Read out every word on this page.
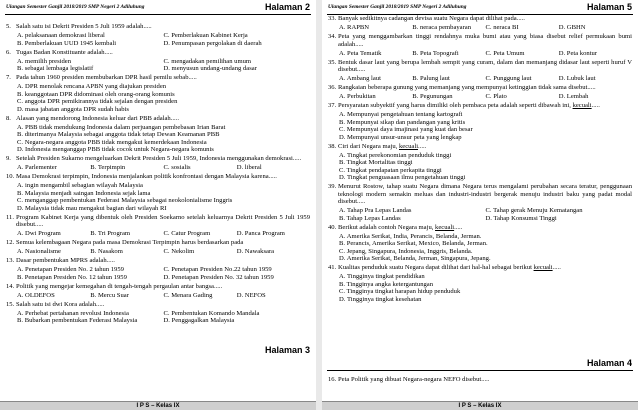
Ulangan Semester Ganjil 2018/2019 SMP Negeri 2 Adiluhung	Halaman 2
5. Salah satu isi Dekrit Presiden 5 Juli 1959 adalah.....
A. pelaksanaan demokrasi liberal	C. Pemberlakuan Kabinet Kerja
B. Pemberlakuan UUD 1945 kembali	D. Penumpasan pergolakan di daerah
6. Tugas Badan Konstituante adalah.....
A. memilih presiden	C. mengadakan pemilihan umum
B. sebagai lembaga legislatif	D. menyusun undang-undang dasar
7. Pada tahun 1960 presiden membubarkan DPR hasil pemilu sebab.....
A. DPR menolak rencana APBN yang diajukan presiden
B. keanggotaan DPR didominasi oleh orang-orang komunis
C. anggota DPR pemikirannya tidak sejalan dengan presiden
D. masa jabatan anggota DPR sudah habis
8. Alasan yang mendorong Indonesia keluar dari PBB adalah.....
A. PBB tidak mendukung Indonesia dalam perjuangan pembebasan Irian Barat
B. diterimanya Malaysia sebagai anggota tidak tetap Dewan Keamanan PBB
C. Negara-negara anggota PBB tidak mengakui kemerdekaan Indonesia
D. Indonesia menganggap PBB tidak cocok untuk Negara-negara komunis
9. Setelah Presiden Sukarno mengeluarkan Dekrit Presiden 5 Juli 1959, Indonesia menggunakan demokrasi.....
A. Parlementer	B. Terpimpin	C. sosialis	D. liberal
10. Masa Demokrasi terpimpin, Indonesia menjalankan politik konfrontasi dengan Malaysia karena.....
A. ingin mengambil sebagian wilayah Malaysia
B. Malaysia menjadi saingan Indonesia sejak lama
C. menganggap pembentukan Federasi Malaysia sebagai neokolonialisme Inggris
D. Malaysia tidak mau mengakui bagian dari wilayah RI
11. Program Kabinet Kerja yang dibentuk oleh Presiden Soekarno setelah keluarnya Dekrit Presiden 5 Juli 1959 disebut.....
A. Dwi Program	B. Tri Program	C. Catur Program	D. Panca Program
12. Semua kelembagaan Negara pada masa Demokrasi Terpimpin harus berdasarkan pada
A. Nasionalisme	B. Nasakom	C. Nekolim	D. Nawaksara
13. Dasar pembentukan MPRS adalah.....
A. Penetapan Presiden No. 2 tahun 1959	C. Penetapan Presiden No.22 tahun 1959
B. Penetapan Presiden No. 12 tahun 1959	D. Penetapan Presiden No. 32 tahun 1959
14. Politik yang mengejar kemegahan di tengah-tengah pergaulan antar bangsa.....
A. OLDEFOS	B. Mercu Suar	C. Menara Gading	D. NEFOS
15. Salah satu isi dwi Kora adalah.....
A. Perhebat pertahanan revolusi Indonesia	C. Pembentukan Komando Mandala
B. Bubarkan pembentukan Federasi Malaysia	D. Penggagalkan Malaysia
Halaman 3
I P S – Kelas IX
Ulangan Semester Ganjil 2018/2019 SMP Negeri 2 Adiluhung	Halaman 5
33. Banyak sedikitnya cadangan devisa suatu Negara dapat dilihat pada.....
A. RAPBN	B. neraca pembayaran	C. neraca BI	D. GBHN
34. Peta yang menggambarkan tinggi rendahnya muka bumi atau yang biasa disebut relief permukaan bumi adalah.....
A. Peta Tematik	B. Peta Topografi	C. Peta Umum	D. Peta kontur
35. Bentuk dasar laut yang berupa lembah sempit yang curam, dalam dan memanjang didasar laut seperti huruf V disebut.....
A. Ambang laut	B. Palung laut	C. Punggung laut	D. Lubuk laut
36. Rangkaian beberapa gunung yang memanjang yang mempunyai ketinggian tidak sama disebut.....
A. Perbukitan	B. Pegunungan	C. Plato	D. Lembah
37. Persyaratan subyektif yang harus dimiliki oleh pembaca peta adalah seperti dibawah ini, kecuali.....
A. Mempunyai pengetahuan tentang kartografi
B. Mempunyai sikap dan pandangan yang kritis
C. Mempunyai daya imajinasi yang kuat dan besar
D. Mempunyai unsur-unsur peta yang lengkap
38. Ciri dari Negara maju, kecuali.....
A. Tingkat perekonomian penduduk tinggi
B. Tingkat Mortalitas tinggi
C. Tingkat pendapatan perkapita tinggi
D. Tingkat penguasaan ilmu pengetahuan tinggi
39. Menurut Rostow, tahap suatu Negara dimana Negara terus mengalami perubahan secara teratur, penggunaan teknologi modern semakin meluas dan industri-industri bergerak menuju industri baku yang padat modal disebut.....
A. Tahap Pra Lepas Landas	C. Tahap gerak Menuju Kematangan
B. Tahap Lepas Landas	D. Tahap Konsumsi Tinggi
40. Berikut adalah contoh Negara maju, kecuali.....
A. Amerika Serikat, India, Perancis, Belanda, Jerman.
B. Perancis, Amerika Serikat, Mexico, Belanda, Jerman.
C. Jepang, Singapura, Indonesia, Inggris, Belanda.
D. Amerika Serikat, Belanda, Jerman, Singapura, Jepang.
41. Kualitas penduduk suatu Negara dapat dilihat dari hal-hal sebagai berikut kecuali.....
A. Tingginya tingkat pendidikan
B. Tingginya angka ketergantungan
C. Tingginya tingkat harapan hidup penduduk
D. Tingginya tingkat kesehatan
Halaman 4
16. Peta Politik yang dibuat Negara-negara NEFO disebut.....
I P S – Kelas IX
